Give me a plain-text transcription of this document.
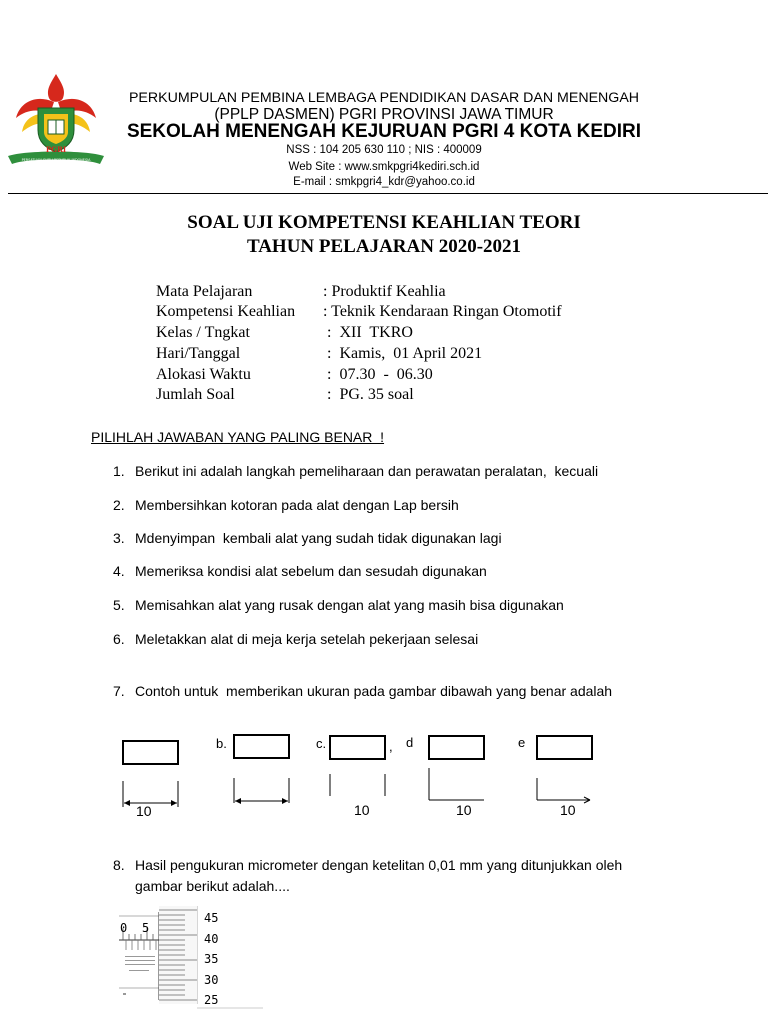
PERSATUAN GURU REPUBLIK INDONESIA
PGRI
PERKUMPULAN PEMBINA LEMBAGA PENDIDIKAN DASAR DAN MENENGAH
(PPLP DASMEN) PGRI PROVINSI JAWA TIMUR
SEKOLAH MENENGAH KEJURUAN PGRI 4 KOTA KEDIRI
NSS : 104 205 630 110 ; NIS : 400009
Web Site : www.smkpgri4kediri.sch.id
E-mail : smkpgri4_kdr@yahoo.co.id
SOAL UJI KOMPETENSI KEAHLIAN TEORI
TAHUN PELAJARAN 2020-2021
Mata Pelajaran	: Produktif Keahlia
Kompetensi Keahlian : Teknik Kendaraan Ringan Otomotif
Kelas / Tngkat	:  XII  TKRO
Hari/Tanggal	:  Kamis,  01 April 2021
Alokasi Waktu	:  07.30  -  06.30
Jumlah Soal	:  PG. 35 soal
PILIHLAH JAWABAN YANG PALING BENAR  !
1. Berikut ini adalah langkah pemeliharaan dan perawatan peralatan,  kecuali
2. Membersihkan kotoran pada alat dengan Lap bersih
3. Mdenyimpan  kembali alat yang sudah tidak digunakan lagi
4. Memeriksa kondisi alat sebelum dan sesudah digunakan
5. Memisahkan alat yang rusak dengan alat yang masih bisa digunakan
6. Meletakkan alat di meja kerja setelah pekerjaan selesai
7. Contoh untuk  memberikan ukuran pada gambar dibawah yang benar adalah
b.	c.	, d	e
10	10	10	10
8. Hasil pengukuran micrometer dengan ketelitan 0,01 mm yang ditunjukkan oleh
gambar berikut adalah....
0 5
45
40
35
30
25
